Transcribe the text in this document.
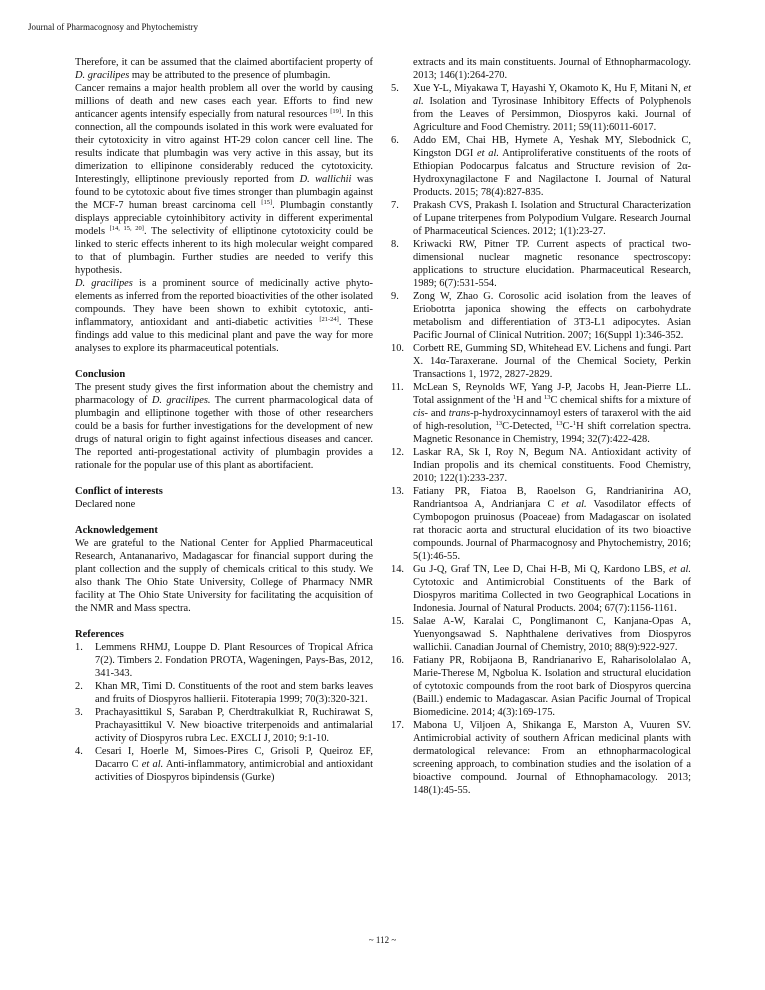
Journal of Pharmacognosy and Phytochemistry

Therefore, it can be assumed that the claimed abortifacient property of D. gracilipes may be attributed to the presence of plumbagin.

Cancer remains a major health problem all over the world by causing millions of death and new cases each year. Efforts to find new anticancer agents intensify especially from natural resources [19]. In this connection, all the compounds isolated in this work were evaluated for their cytotoxicity in vitro against HT-29 colon cancer cell line. The results indicate that plumbagin was very active in this assay, but its dimerization to ellipinone considerably reduced the cytotoxicity. Interestingly, elliptinone previously reported from D. wallichii was found to be cytotoxic about five times stronger than plumbagin against the MCF-7 human breast carcinoma cell [15]. Plumbagin constantly displays appreciable cytoinhibitory activity in different experimental models [14, 15, 20]. The selectivity of elliptinone cytotoxicity could be linked to steric effects inherent to its high molecular weight compared to that of plumbagin. Further studies are needed to verify this hypothesis.

D. gracilipes is a prominent source of medicinally active phyto-elements as inferred from the reported bioactivities of the other isolated compounds. They have been shown to exhibit cytotoxic, anti-inflammatory, antioxidant and anti-diabetic activities [21-24]. These findings add value to this medicinal plant and pave the way for more analyses to explore its pharmaceutical potentials.

Conclusion

The present study gives the first information about the chemistry and pharmacology of D. gracilipes. The current pharmacological data of plumbagin and elliptinone together with those of other researchers could be a basis for further investigations for the development of new drugs of natural origin to fight against infectious diseases and cancer. The reported anti-progestational activity of plumbagin provides a rationale for the popular use of this plant as abortifacient.

Conflict of interests

Declared none

Acknowledgement

We are grateful to the National Center for Applied Pharmaceutical Research, Antananarivo, Madagascar for financial support during the plant collection and the supply of chemicals critical to this study. We also thank The Ohio State University, College of Pharmacy NMR facility at The Ohio State University for facilitating the acquisition of the NMR and Mass spectra.

References
1.	Lemmens RHMJ, Louppe D. Plant Resources of Tropical Africa 7(2). Timbers 2. Fondation PROTA, Wageningen, Pays-Bas, 2012, 341-343.
2.	Khan MR, Timi D. Constituents of the root and stem barks leaves and fruits of Diospyros hallierii. Fitoterapia 1999; 70(3):320-321.
3.	Prachayasittikul S, Saraban P, Cherdtrakulkiat R, Ruchirawat S, Prachayasittikul V. New bioactive triterpenoids and antimalarial activity of Diospyros rubra Lec. EXCLI J, 2010; 9:1-10.
4.	Cesari I, Hoerle M, Simoes-Pires C, Grisoli P, Queiroz EF, Dacarro C et al. Anti-inflammatory, antimicrobial and antioxidant activities of Diospyros bipindensis (Gurke)
extracts and its main constituents. Journal of Ethnopharmacology. 2013; 146(1):264-270.
5.	Xue Y-L, Miyakawa T, Hayashi Y, Okamoto K, Hu F, Mitani N, et al. Isolation and Tyrosinase Inhibitory Effects of Polyphenols from the Leaves of Persimmon, Diospyros kaki. Journal of Agriculture and Food Chemistry. 2011; 59(11):6011-6017.
6.	Addo EM, Chai HB, Hymete A, Yeshak MY, Slebodnick C, Kingston DGI et al. Antiproliferative constituents of the roots of Ethiopian Podocarpus falcatus and Structure revision of 2α-Hydroxynagilactone F and Nagilactone I. Journal of Natural Products. 2015; 78(4):827-835.
7.	Prakash CVS, Prakash I. Isolation and Structural Characterization of Lupane triterpenes from Polypodium Vulgare. Research Journal of Pharmaceutical Sciences. 2012; 1(1):23-27.
8.	Kriwacki RW, Pitner TP. Current aspects of practical two-dimensional nuclear magnetic resonance spectroscopy: applications to structure elucidation. Pharmaceutical Research, 1989; 6(7):531-554.
9.	Zong W, Zhao G. Corosolic acid isolation from the leaves of Eriobotrta japonica showing the effects on carbohydrate metabolism and differentiation of 3T3-L1 adipocytes. Asian Pacific Journal of Clinical Nutrition. 2007; 16(Suppl 1):346-352.
10. Corbett RE, Gumming SD, Whitehead EV. Lichens and fungi. Part X. 14α-Taraxerane. Journal of the Chemical Society, Perkin Transactions 1, 1972, 2827-2829.
11. McLean S, Reynolds WF, Yang J-P, Jacobs H, Jean-Pierre LL. Total assignment of the $^1$H and $^{13}$C chemical shifts for a mixture of cis- and trans-p-hydroxycinnamoyl esters of taraxerol with the aid of high-resolution, $^{13}$C-Detected, $^{13}$C-$^1$H shift correlation spectra. Magnetic Resonance in Chemistry, 1994; 32(7):422-428.
12. Laskar RA, Sk I, Roy N, Begum NA. Antioxidant activity of Indian propolis and its chemical constituents. Food Chemistry, 2010; 122(1):233-237.
13. Fatiany PR, Fiatoa B, Raoelson G, Randrianirina AO, Randriantsoa A, Andrianjara C et al. Vasodilator effects of Cymbopogon pruinosus (Poaceae) from Madagascar on isolated rat thoracic aorta and structural elucidation of its two bioactive compounds. Journal of Pharmacognosy and Phytochemistry, 2016; 5(1):46-55.
14. Gu J-Q, Graf TN, Lee D, Chai H-B, Mi Q, Kardono LBS, et al. Cytotoxic and Antimicrobial Constituents of the Bark of Diospyros maritima Collected in two Geographical Locations in Indonesia. Journal of Natural Products. 2004; 67(7):1156-1161.
15. Salae A-W, Karalai C, Ponglimanont C, Kanjana-Opas A, Yuenyongsawad S. Naphthalene derivatives from Diospyros wallichii. Canadian Journal of Chemistry, 2010; 88(9):922-927.
16. Fatiany PR, Robijaona B, Randrianarivo E, Raharisololalao A, Marie-Therese M, Ngbolua K. Isolation and structural elucidation of cytotoxic compounds from the root bark of Diospyros quercina (Baill.) endemic to Madagascar. Asian Pacific Journal of Tropical Biomedicine. 2014; 4(3):169-175.
17. Mabona U, Viljoen A, Shikanga E, Marston A, Vuuren SV. Antimicrobial activity of southern African medicinal plants with dermatological relevance: From an ethnopharmacological screening approach, to combination studies and the isolation of a bioactive compound. Journal of Ethnophamacology. 2013; 148(1):45-55.
~ 112 ~
